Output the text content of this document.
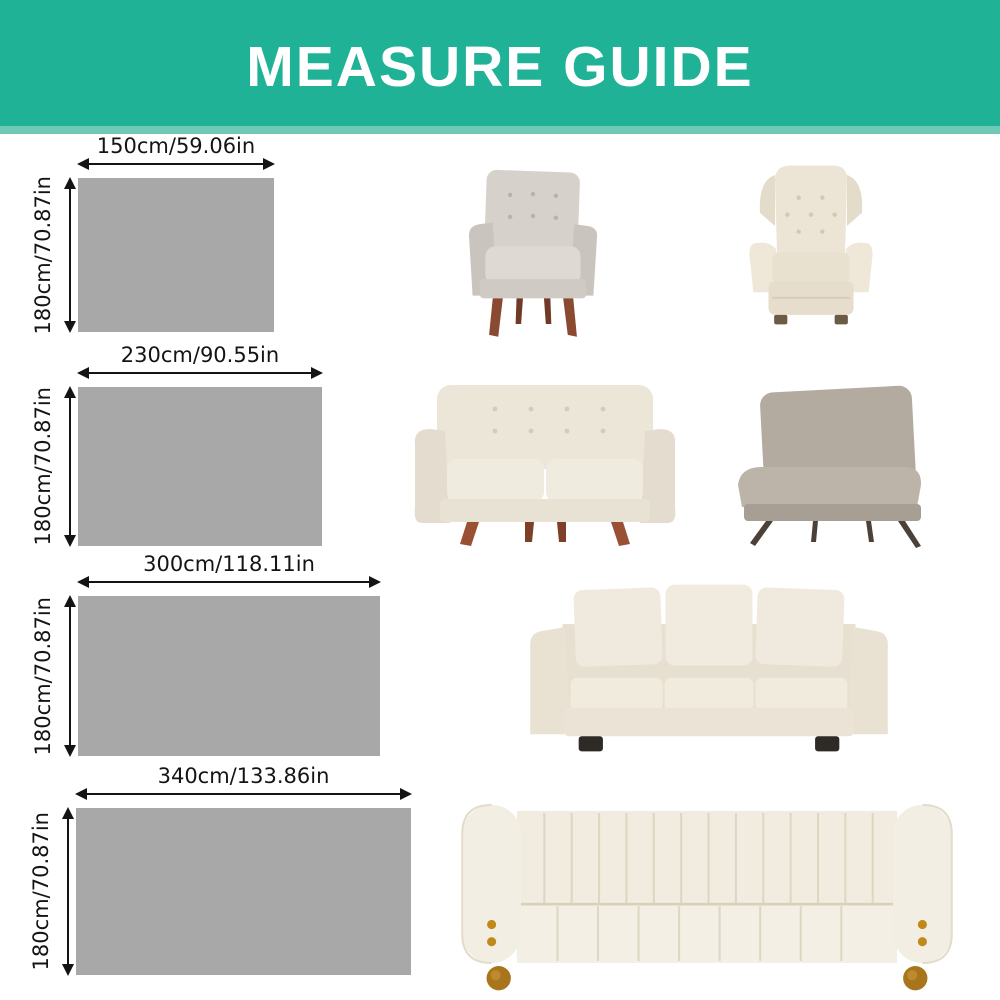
MEASURE GUIDE
150cm/59.06in
180cm/70.87in
230cm/90.55in
180cm/70.87in
300cm/118.11in
180cm/70.87in
340cm/133.86in
180cm/70.87in
